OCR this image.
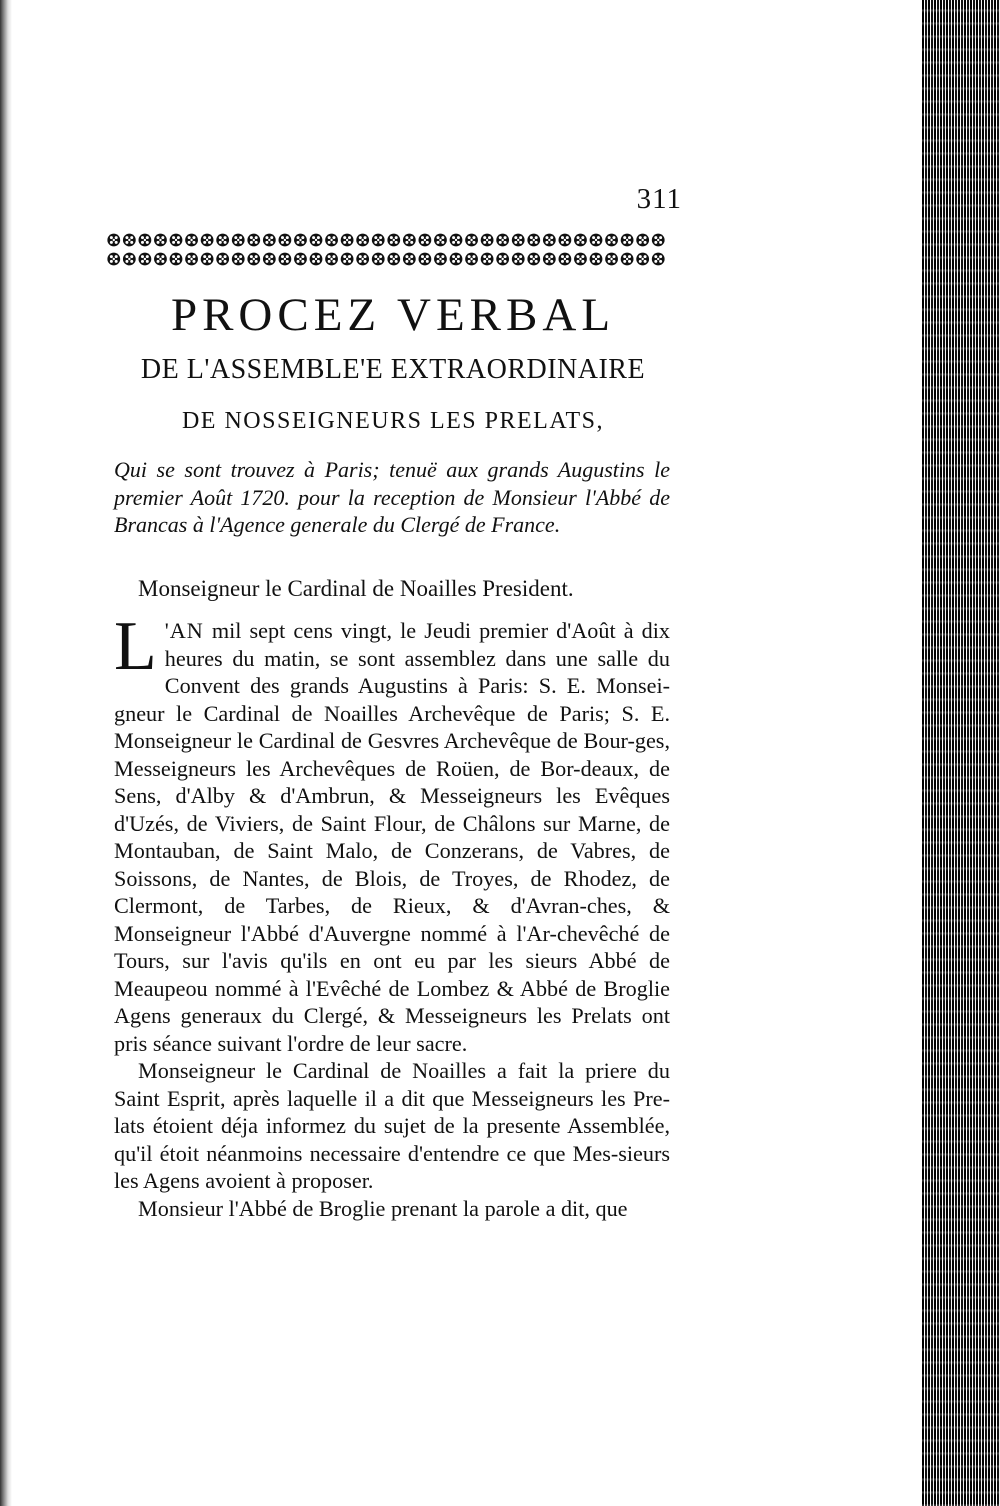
311
PROCEZ VERBAL
DE L'ASSEMBLE'E EXTRAORDINAIRE
DE NOSSEIGNEURS LES PRELATS,
Qui se sont trouvez à Paris; tenuë aux grands Augustins le premier Août 1720. pour la reception de Monsieur l'Abbé de Brancas à l'Agence generale du Clergé de France.
Monseigneur le Cardinal de Noailles President.

L 'AN mil sept cens vingt, le Jeudi premier d'Août à dix heures du matin, se sont assemblez dans une salle du Convent des grands Augustins à Paris: S. E. Monsei-gneur le Cardinal de Noailles Archevêque de Paris; S. E. Monseigneur le Cardinal de Gesvres Archevêque de Bour-ges, Messeigneurs les Archevêques de Roüen, de Bor-deaux, de Sens, d'Alby & d'Ambrun, & Messeigneurs les Evêques d'Uzés, de Viviers, de Saint Flour, de Châlons sur Marne, de Montauban, de Saint Malo, de Conzerans, de Vabres, de Soissons, de Nantes, de Blois, de Troyes, de Rhodez, de Clermont, de Tarbes, de Rieux, & d'Avran-ches, & Monseigneur l'Abbé d'Auvergne nommé à l'Ar-chevêché de Tours, sur l'avis qu'ils en ont eu par les sieurs Abbé de Meaupeou nommé à l'Evêché de Lombez & Abbé de Broglie Agens generaux du Clergé, & Messeigneurs les Prelats ont pris séance suivant l'ordre de leur sacre.

Monseigneur le Cardinal de Noailles a fait la priere du Saint Esprit, après laquelle il a dit que Messeigneurs les Pre-lats étoient déja informez du sujet de la presente Assemblée, qu'il étoit néanmoins necessaire d'entendre ce que Mes-sieurs les Agens avoient à proposer.

Monsieur l'Abbé de Broglie prenant la parole a dit, que
